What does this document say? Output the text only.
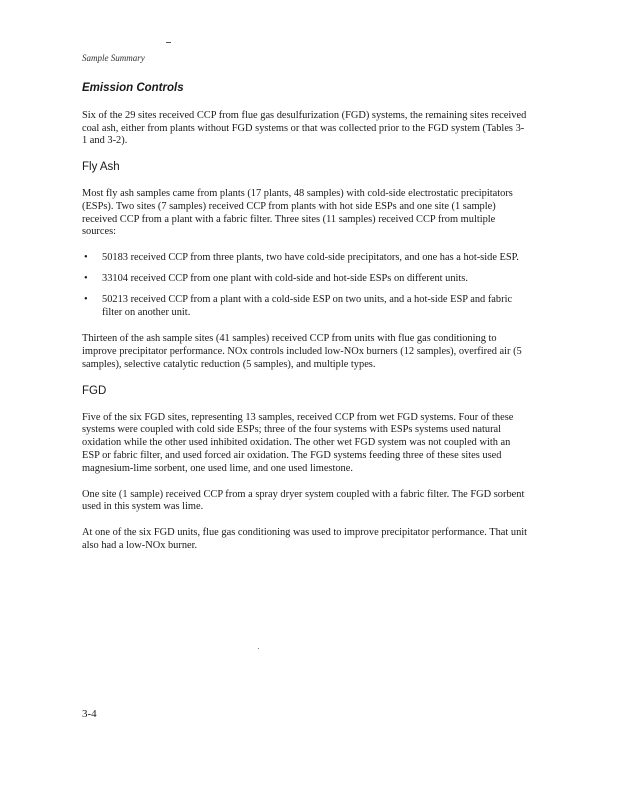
Sample Summary
Emission Controls

Six of the 29 sites received CCP from flue gas desulfurization (FGD) systems, the remaining sites received coal ash, either from plants without FGD systems or that was collected prior to the FGD system (Tables 3-1 and 3-2).

Fly Ash

Most fly ash samples came from plants (17 plants, 48 samples) with cold-side electrostatic precipitators (ESPs). Two sites (7 samples) received CCP from plants with hot side ESPs and one site (1 sample) received CCP from a plant with a fabric filter. Three sites (11 samples) received CCP from multiple sources:

• 50183 received CCP from three plants, two have cold-side precipitators, and one has a hot-side ESP.
• 33104 received CCP from one plant with cold-side and hot-side ESPs on different units.
• 50213 received CCP from a plant with a cold-side ESP on two units, and a hot-side ESP and fabric filter on another unit.

Thirteen of the ash sample sites (41 samples) received CCP from units with flue gas conditioning to improve precipitator performance. NOx controls included low-NOx burners (12 samples), overfired air (5 samples), selective catalytic reduction (5 samples), and multiple types.

FGD

Five of the six FGD sites, representing 13 samples, received CCP from wet FGD systems. Four of these systems were coupled with cold side ESPs; three of the four systems with ESPs systems used natural oxidation while the other used inhibited oxidation. The other wet FGD system was not coupled with an ESP or fabric filter, and used forced air oxidation. The FGD systems feeding three of these sites used magnesium-lime sorbent, one used lime, and one used limestone.

One site (1 sample) received CCP from a spray dryer system coupled with a fabric filter. The FGD sorbent used in this system was lime.

At one of the six FGD units, flue gas conditioning was used to improve precipitator performance. That unit also had a low-NOx burner.

3-4
